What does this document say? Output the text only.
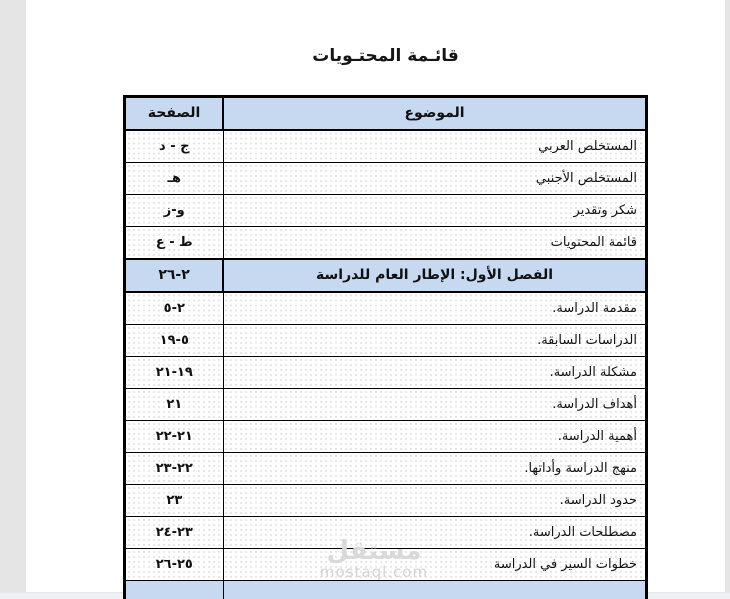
قائـمة المحتـويات
الموضوع	الصفحة
المستخلص العربي	ج - د
المستخلص الأجنبي	هـ
شكر وتقدير	و-ز
قائمة المحتويات	ط - ع
الفصل الأول: الإطار العام للدراسة	٢-٢٦
مقدمة الدراسة.	٢-٥
الدراسات السابقة.	٥-١٩
مشكلة الدراسة.	١٩-٢١
أهداف الدراسة.	٢١
أهمية الدراسة.	٢١-٢٢
منهج الدراسة وأداتها.	٢٢-٢٣
حدود الدراسة.	٢٣
مصطلحات الدراسة.	٢٣-٢٤
خطوات السير في الدراسة	٢٥-٢٦
		مستقل
mostaql.com
